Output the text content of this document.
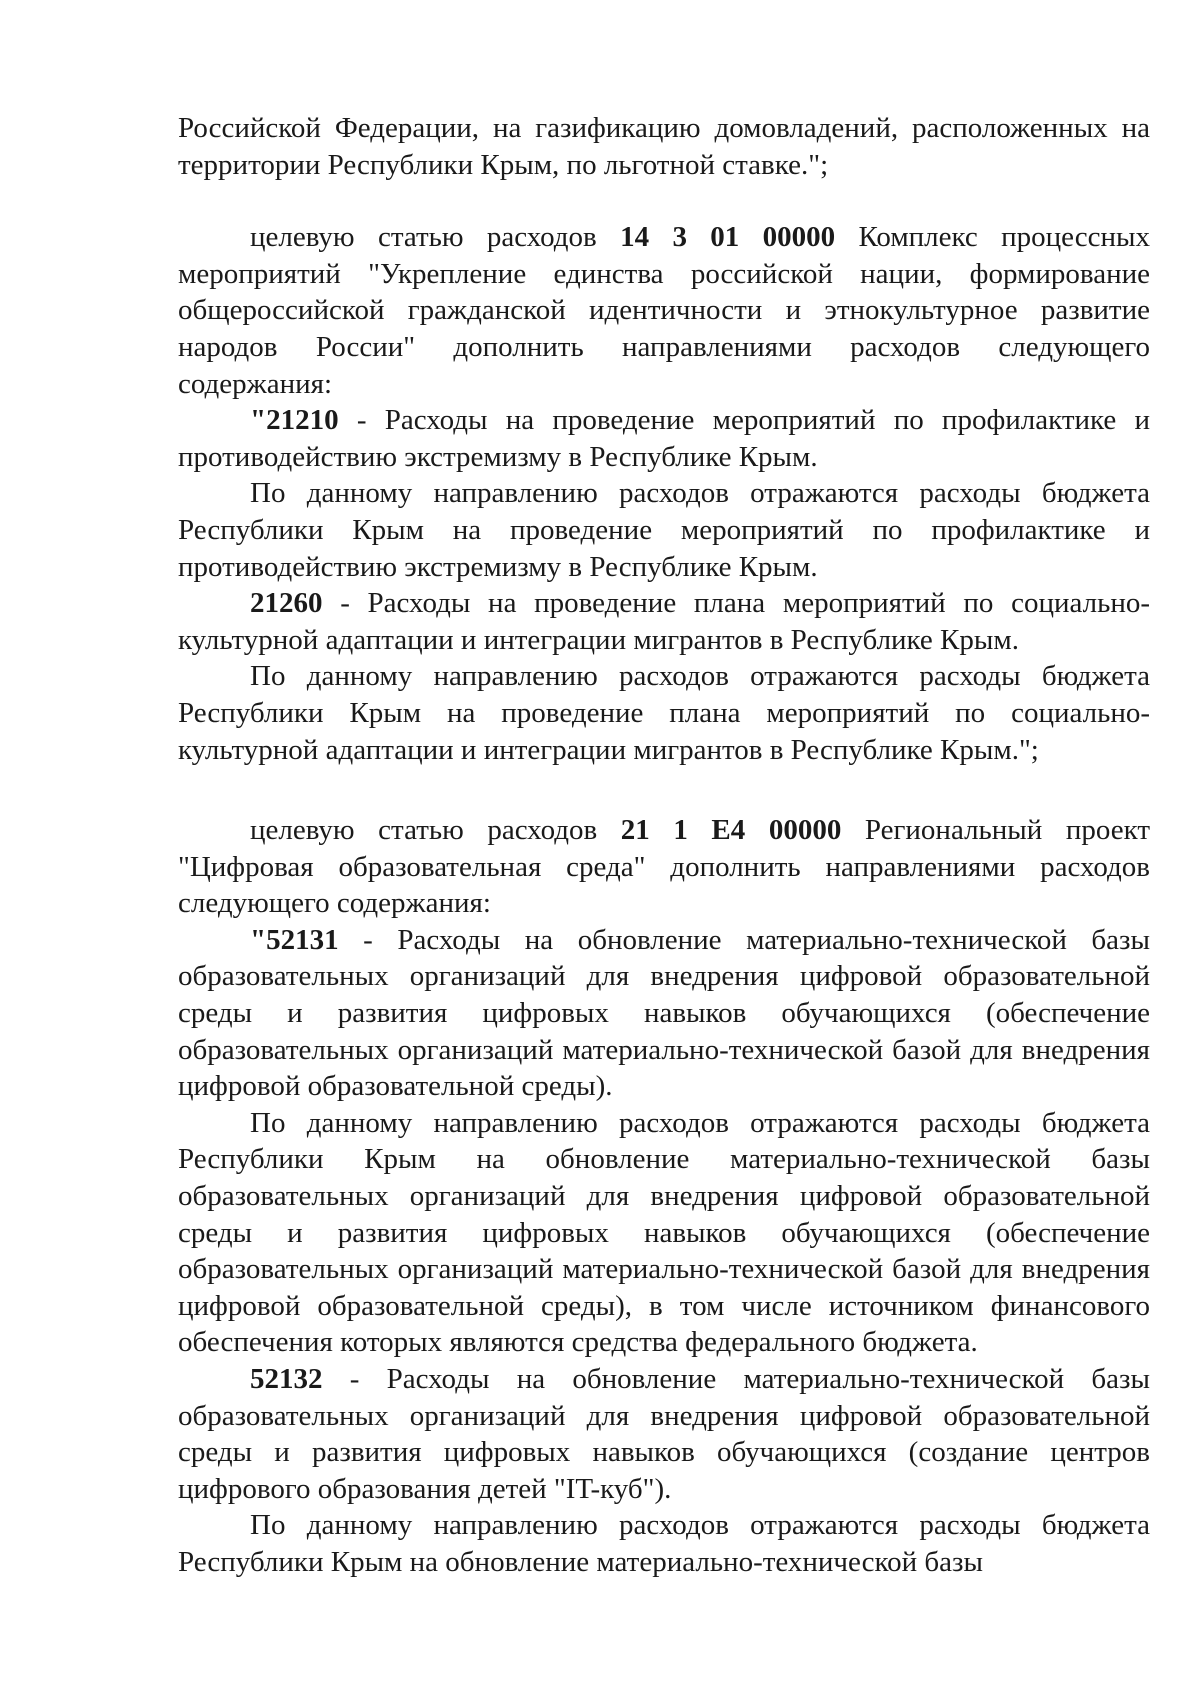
Российской Федерации, на газификацию домовладений, расположенных на территории Республики Крым, по льготной ставке.";

целевую статью расходов 14 3 01 00000 Комплекс процессных мероприятий "Укрепление единства российской нации, формирование общероссийской гражданской идентичности и этнокультурное развитие народов России" дополнить направлениями расходов следующего содержания:

"21210 - Расходы на проведение мероприятий по профилактике и противодействию экстремизму в Республике Крым.

По данному направлению расходов отражаются расходы бюджета Республики Крым на проведение мероприятий по профилактике и противодействию экстремизму в Республике Крым.

21260 - Расходы на проведение плана мероприятий по социально-культурной адаптации и интеграции мигрантов в Республике Крым.

По данному направлению расходов отражаются расходы бюджета Республики Крым на проведение плана мероприятий по социально-культурной адаптации и интеграции мигрантов в Республике Крым.";

целевую статью расходов 21 1 Е4 00000 Региональный проект "Цифровая образовательная среда" дополнить направлениями расходов следующего содержания:

"52131 - Расходы на обновление материально-технической базы образовательных организаций для внедрения цифровой образовательной среды и развития цифровых навыков обучающихся (обеспечение образовательных организаций материально-технической базой для внедрения цифровой образовательной среды).

По данному направлению расходов отражаются расходы бюджета Республики Крым на обновление материально-технической базы образовательных организаций для внедрения цифровой образовательной среды и развития цифровых навыков обучающихся (обеспечение образовательных организаций материально-технической базой для внедрения цифровой образовательной среды), в том числе источником финансового обеспечения которых являются средства федерального бюджета.

52132 - Расходы на обновление материально-технической базы образовательных организаций для внедрения цифровой образовательной среды и развития цифровых навыков обучающихся (создание центров цифрового образования детей "IT-куб").

По данному направлению расходов отражаются расходы бюджета Республики Крым на обновление материально-технической базы
